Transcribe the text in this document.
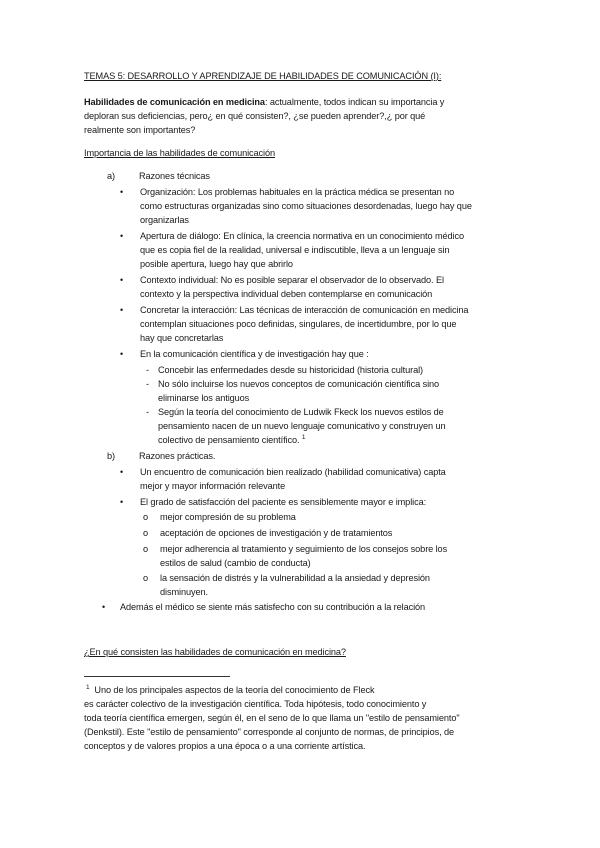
TEMAS 5: DESARROLLO Y APRENDIZAJE DE HABILIDADES DE COMUNICACIÓN (I):
Habilidades de comunicación en medicina: actualmente, todos indican su importancia y
deploran sus deficiencias, pero¿ en qué consisten?, ¿se pueden aprender?,¿ por qué
realmente son importantes?
Importancia de las habilidades de comunicación
a)	Razones técnicas
• Organización: Los problemas habituales en la práctica médica se presentan no
como estructuras organizadas sino como situaciones desordenadas, luego hay que
organizarlas
• Apertura de diálogo: En clínica, la creencia normativa en un conocimiento médico
que es copia fiel de la realidad, universal e indiscutible, lleva a un lenguaje sin
posible apertura, luego hay que abrirlo
• Contexto individual: No es posible separar el observador de lo observado. El
contexto y la perspectiva individual deben contemplarse en comunicación
• Concretar la interacción: Las técnicas de interacción de comunicación en medicina
contemplan situaciones poco definidas, singulares, de incertidumbre, por lo que
hay que concretarlas
• En la comunicación científica y de investigación hay que :
- Concebir las enfermedades desde su historicidad (historia cultural)
- No sólo incluirse los nuevos conceptos de comunicación científica sino
eliminarse los antiguos
- Según la teoría del conocimiento de Ludwik Fkeck los nuevos estilos de
pensamiento nacen de un nuevo lenguaje comunicativo y construyen un
colectivo de pensamiento científico. $^1$
b)	Razones prácticas.
• Un encuentro de comunicación bien realizado (habilidad comunicativa) capta
mejor y mayor información relevante
• El grado de satisfacción del paciente es sensiblemente mayor e implica:
o mejor compresión de su problema
o aceptación de opciones de investigación y de tratamientos
o mejor adherencia al tratamiento y seguimiento de los consejos sobre los
estilos de salud (cambio de conducta)
o la sensación de distrés y la vulnerabilidad a la ansiedad y depresión
disminuyen.
• Además el médico se siente más satisfecho con su contribución a la relación
¿En qué consisten las habilidades de comunicación en medicina?
$^1$ Uno de los principales aspectos de la teoría del conocimiento de Fleck
es carácter colectivo de la investigación científica. Toda hipótesis, todo conocimiento y
toda teoría científica emergen, según él, en el seno de lo que llama un "estilo de pensamiento"
(Denkstil). Este "estilo de pensamiento" corresponde al conjunto de normas, de principios, de
conceptos y de valores propios a una época o a una corriente artística.
